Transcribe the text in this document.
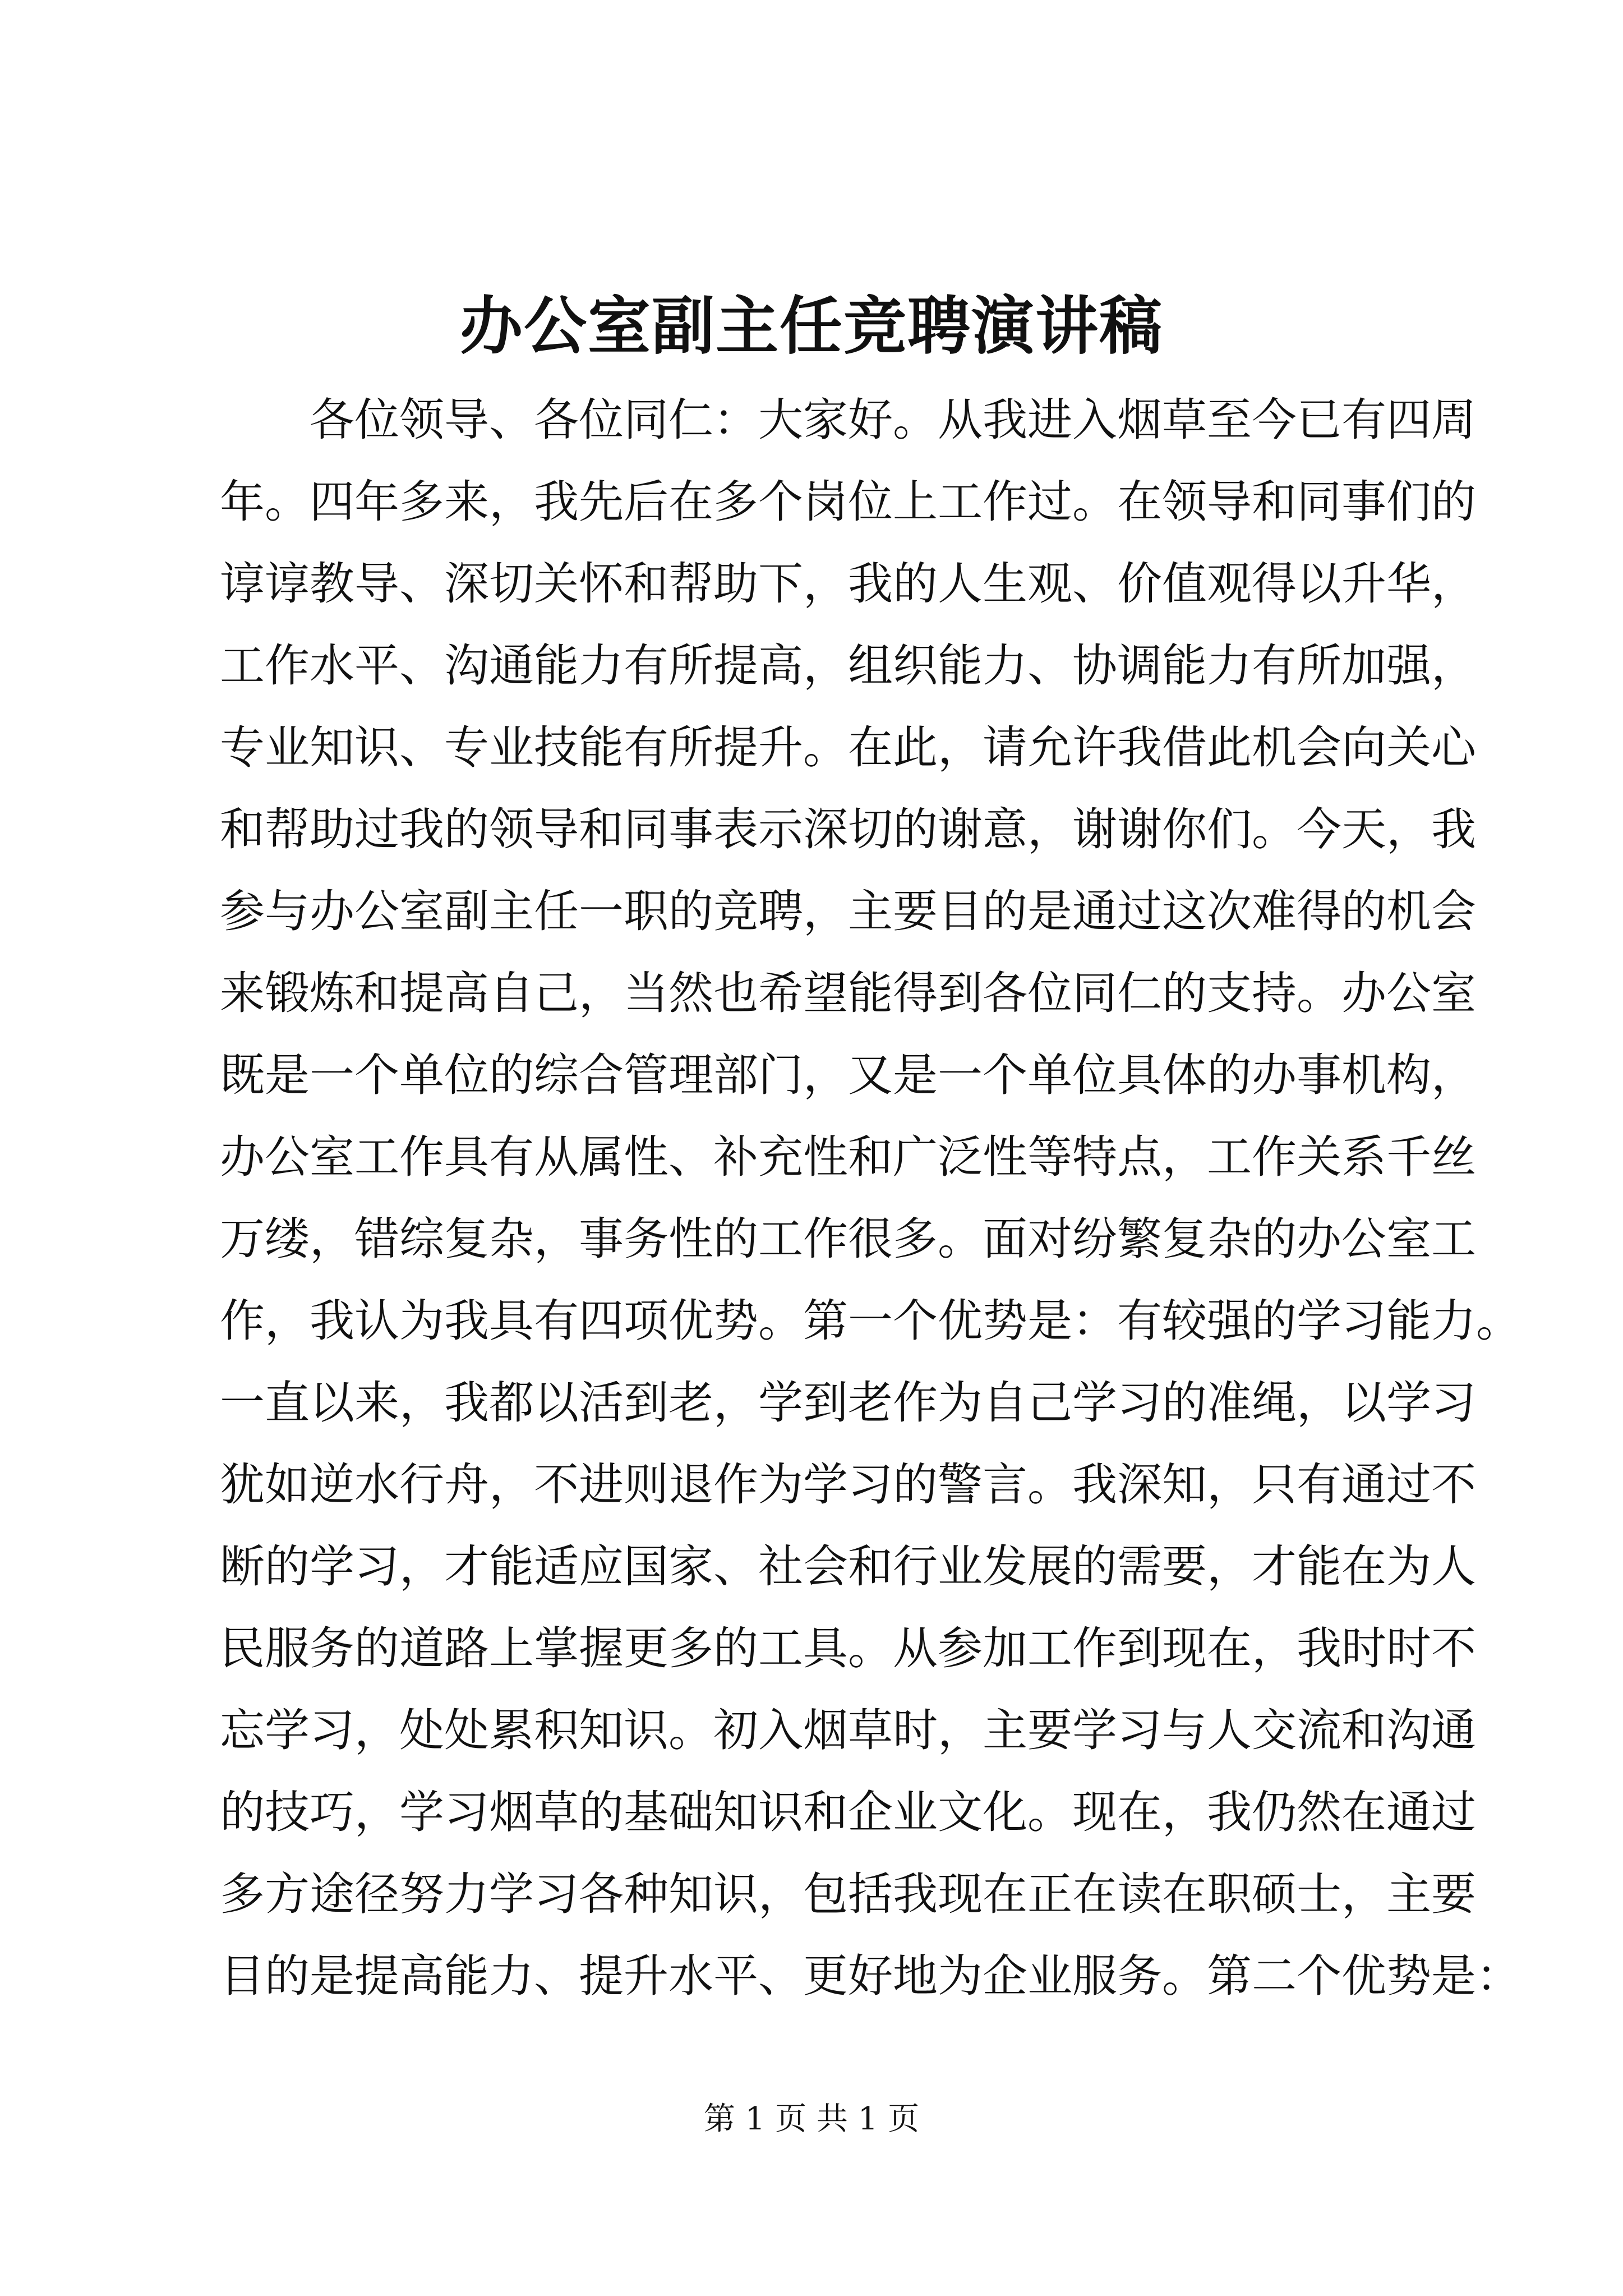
办公室副主任竞聘演讲稿
各位领导、各位同仁：大家好。从我进入烟草至今已有四周
年。四年多来，我先后在多个岗位上工作过。在领导和同事们的
谆谆教导、深切关怀和帮助下，我的人生观、价值观得以升华，
工作水平、沟通能力有所提高，组织能力、协调能力有所加强，
专业知识、专业技能有所提升。在此，请允许我借此机会向关心
和帮助过我的领导和同事表示深切的谢意，谢谢你们。今天，我
参与办公室副主任一职的竞聘，主要目的是通过这次难得的机会
来锻炼和提高自己，当然也希望能得到各位同仁的支持。办公室
既是一个单位的综合管理部门，又是一个单位具体的办事机构，
办公室工作具有从属性、补充性和广泛性等特点，工作关系千丝
万缕，错综复杂，事务性的工作很多。面对纷繁复杂的办公室工
作，我认为我具有四项优势。第一个优势是：有较强的学习能力。
一直以来，我都以活到老，学到老作为自己学习的准绳，以学习
犹如逆水行舟，不进则退作为学习的警言。我深知，只有通过不
断的学习，才能适应国家、社会和行业发展的需要，才能在为人
民服务的道路上掌握更多的工具。从参加工作到现在，我时时不
忘学习，处处累积知识。初入烟草时，主要学习与人交流和沟通
的技巧，学习烟草的基础知识和企业文化。现在，我仍然在通过
多方途径努力学习各种知识，包括我现在正在读在职硕士，主要
目的是提高能力、提升水平、更好地为企业服务。第二个优势是：
第 1 页 共 1 页
